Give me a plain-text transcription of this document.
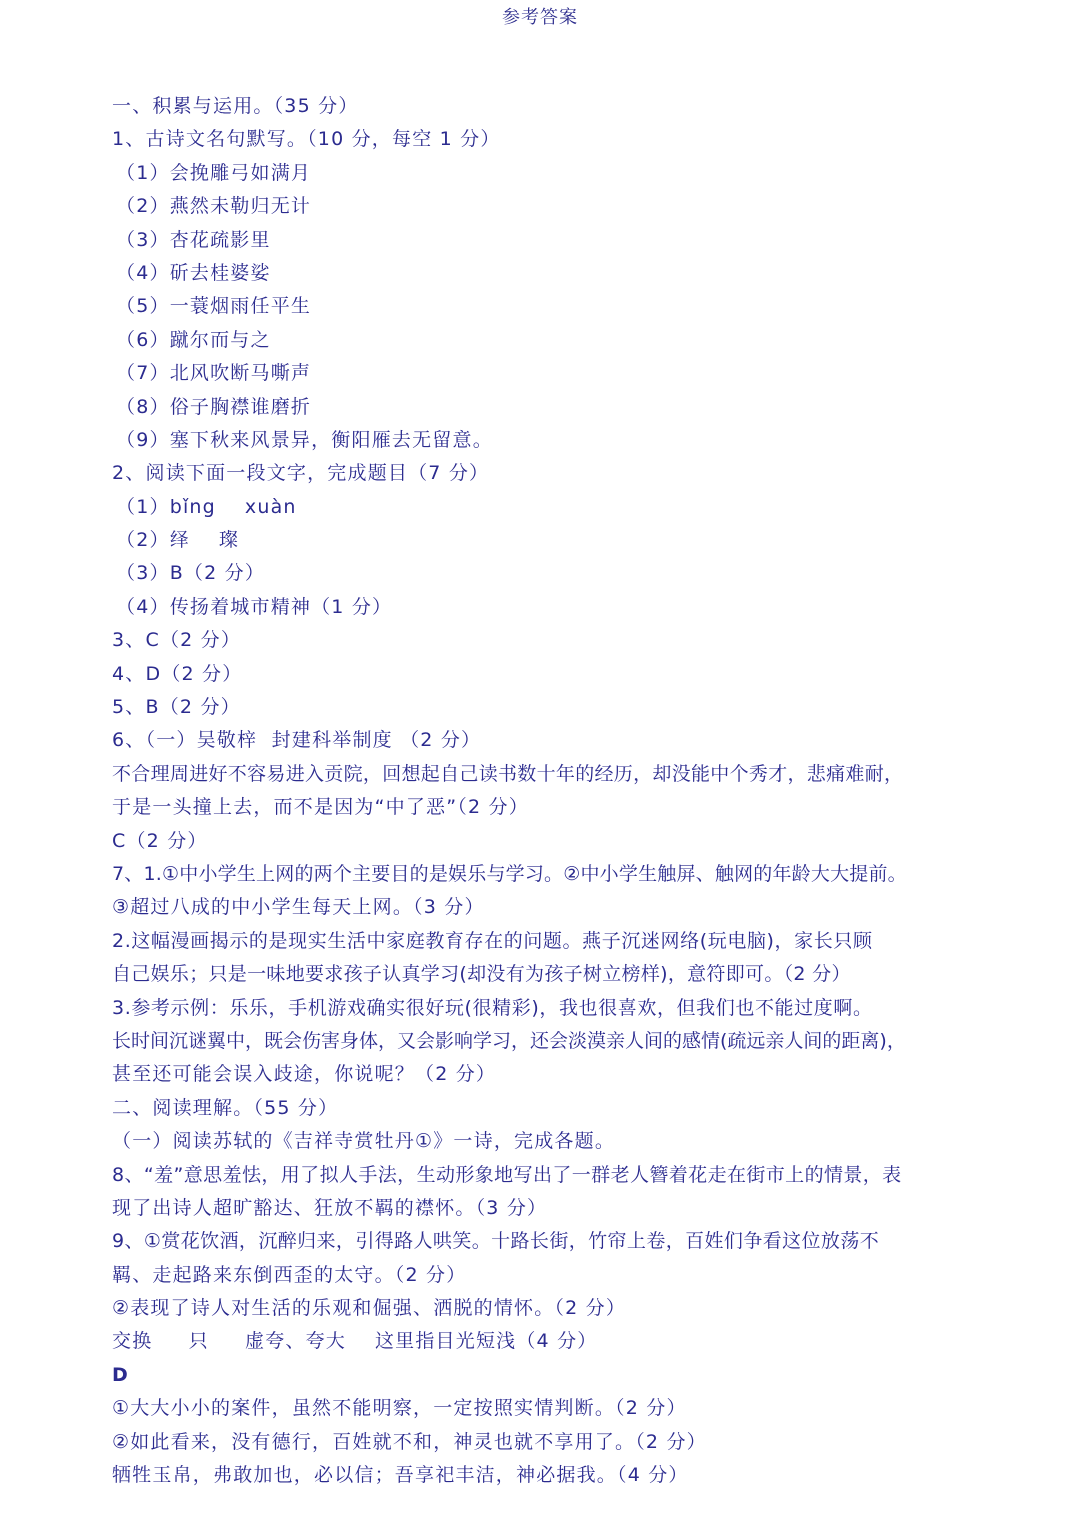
参考答案
一、积累与运用。（35 分）
1、古诗文名句默写。（10 分，每空 1 分）
（1）会挽雕弓如满月
（2）燕然未勒归无计
（3）杏花疏影里
（4）斫去桂婆娑
（5）一蓑烟雨任平生
（6）蹴尔而与之
（7）北风吹断马嘶声
（8）俗子胸襟谁磨折
（9）塞下秋来风景异，衡阳雁去无留意。
2、阅读下面一段文字，完成题目（7 分）
（1）bǐng    xuàn
（2）绎    璨
（3）B（2 分）
（4）传扬着城市精神（1 分）
3、C（2 分）
4、D（2 分）
5、B（2 分）
6、（一）吴敬梓  封建科举制度 （2 分）
不合理周进好不容易进入贡院，回想起自己读书数十年的经历，却没能中个秀才，悲痛难耐，
于是一头撞上去，而不是因为“中了恶”（2 分）
C（2 分）
7、1.①中小学生上网的两个主要目的是娱乐与学习。②中小学生触屏、触网的年龄大大提前。
③超过八成的中小学生每天上网。（3 分）
2.这幅漫画揭示的是现实生活中家庭教育存在的问题。燕子沉迷网络(玩电脑)，家长只顾
自己娱乐；只是一味地要求孩子认真学习(却没有为孩子树立榜样)，意符即可。（2 分）
3.参考示例：乐乐，手机游戏确实很好玩(很精彩)，我也很喜欢，但我们也不能过度啊。
长时间沉谜翼中，既会伤害身体，又会影响学习，还会淡漠亲人间的感情(疏远亲人间的距离)，
甚至还可能会误入歧途，你说呢？（2 分）
二、阅读理解。（55 分）
（一）阅读苏轼的《吉祥寺赏牡丹①》一诗，完成各题。
8、“羞”意思羞怯，用了拟人手法，生动形象地写出了一群老人簪着花走在街市上的情景，表
现了出诗人超旷豁达、狂放不羁的襟怀。（3 分）
9、①赏花饮酒，沉醉归来，引得路人哄笑。十路长街，竹帘上卷，百姓们争看这位放荡不
羁、走起路来东倒西歪的太守。（2 分）
②表现了诗人对生活的乐观和倔强、洒脱的情怀。（2 分）
交换     只     虚夸、夸大    这里指目光短浅（4 分）
D
①大大小小的案件，虽然不能明察，一定按照实情判断。（2 分）
②如此看来，没有德行，百姓就不和，神灵也就不享用了。（2 分）
牺牲玉帛，弗敢加也，必以信；吾享祀丰洁，神必据我。（4 分）
